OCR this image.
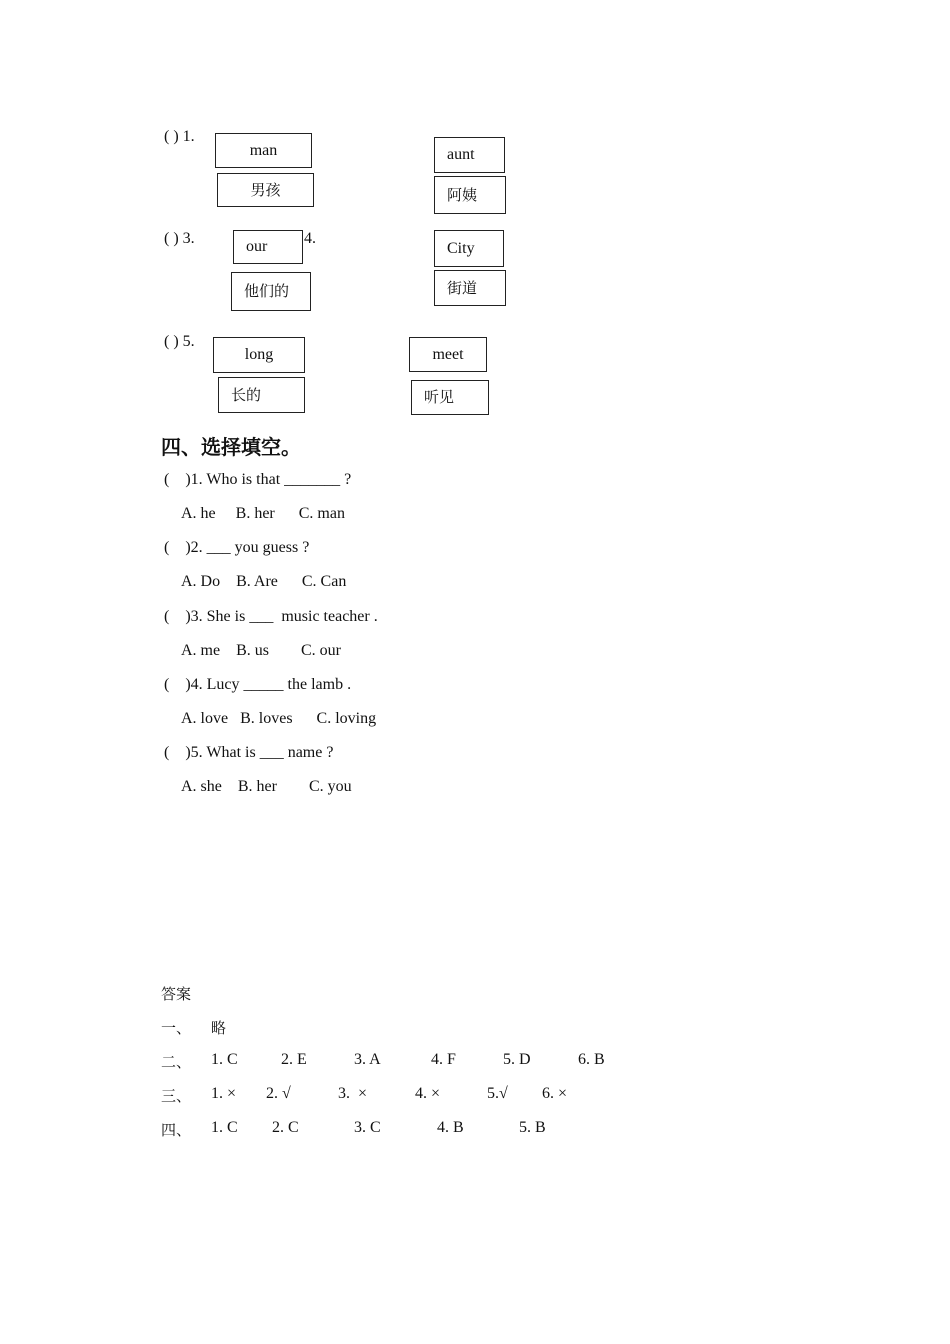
( ) 1.
( ) 3.	4.
( ) 5.
man
男孩
aunt
阿姨
our
他们的
City
街道
long
长的
meet
听见
四、选择填空。
(    )1. Who is that _______ ?
A. he     B. her      C. man
(    )2. ___ you guess ?
A. Do    B. Are      C. Can
(    )3. She is ___  music teacher .
A. me    B. us        C. our
(    )4. Lucy _____ the lamb .
A. love   B. loves      C. loving
(    )5. What is ___ name ?
A. she    B. her        C. you
答案
一、 略
二、 1. C	2. E	3. A	4. F	5. D	6. B
三、 1. × 2. √	3.  ×	4. ×	5.√ 6. ×
四、 1. C 2. C	3. C	4. B	5. B
